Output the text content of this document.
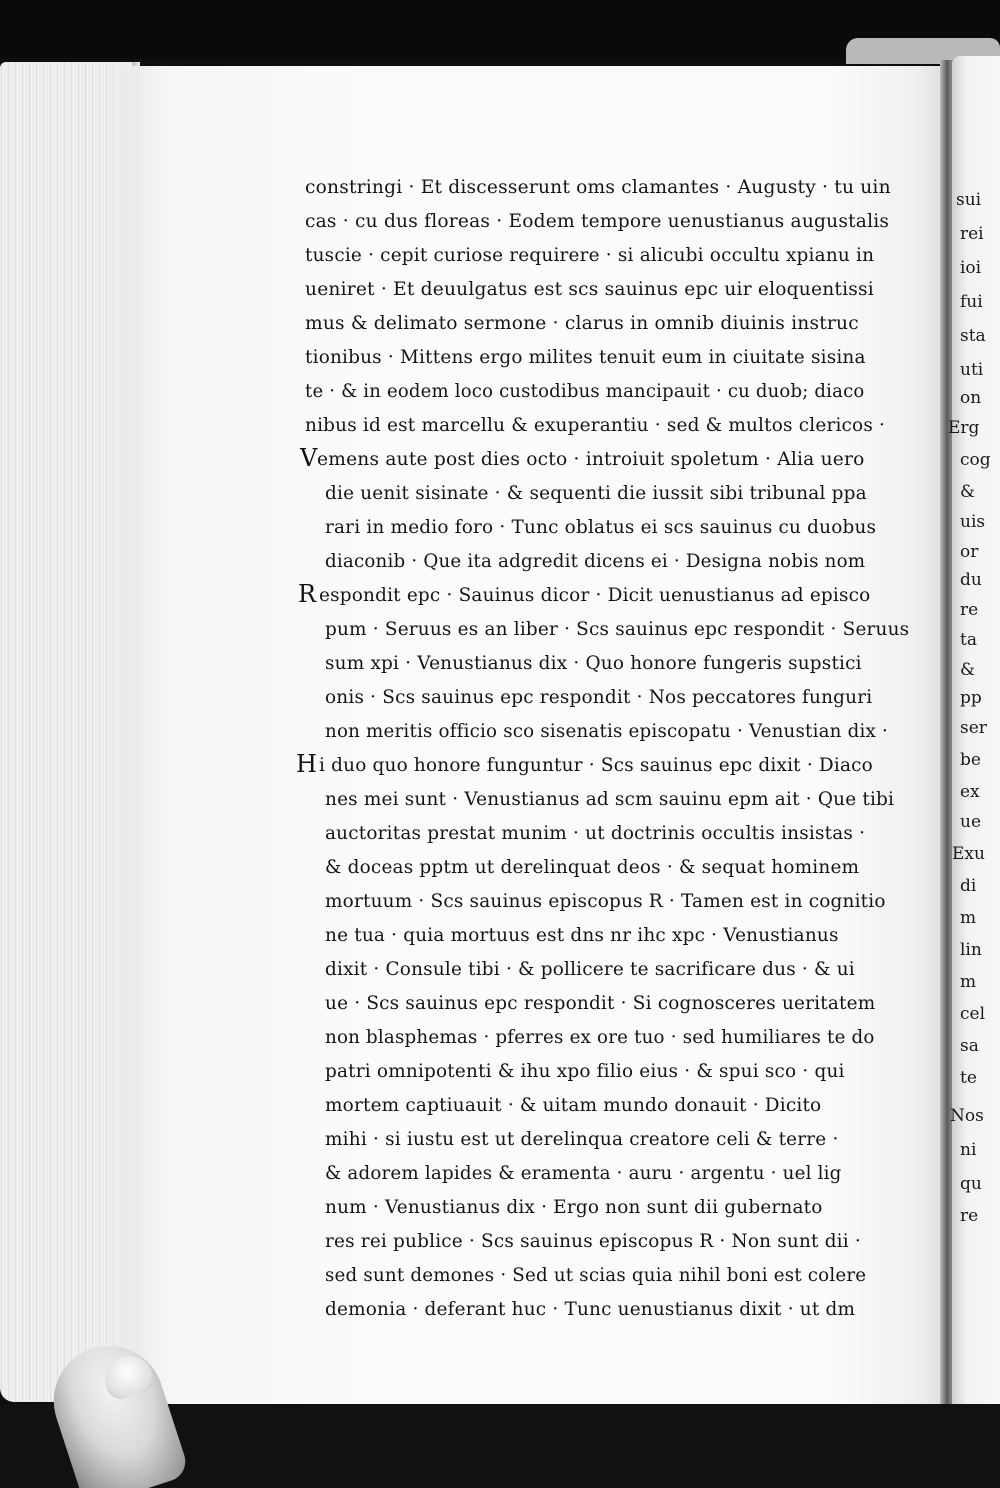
constringi · Et discesserunt oms clamantes · Augusty · tu uin
cas · cu dus floreas · Eodem tempore uenustianus augustalis
tuscie · cepit curiose requirere · si alicubi occultu xpianu in
ueniret · Et deuulgatus est scs sauinus epc uir eloquentissi
mus & delimato sermone · clarus in omnib diuinis instruc
tionibus · Mittens ergo milites tenuit eum in ciuitate sisina
te · & in eodem loco custodibus mancipauit · cu duob; diaco
nibus id est marcellu & exuperantiu · sed & multos clericos ·
emens aute post dies octo · introiuit spoletum · Alia uero
die uenit sisinate · & sequenti die iussit sibi tribunal ppa
rari in medio foro · Tunc oblatus ei scs sauinus cu duobus
diaconib · Que ita adgredit dicens ei · Designa nobis nom
espondit epc · Sauinus dicor · Dicit uenustianus ad episco
pum · Seruus es an liber · Scs sauinus epc respondit · Seruus
sum xpi · Venustianus dix · Quo honore fungeris supstici
onis · Scs sauinus epc respondit · Nos peccatores funguri
non meritis officio sco sisenatis episcopatu · Venustian dix ·
i duo quo honore funguntur · Scs sauinus epc dixit · Diaco
nes mei sunt · Venustianus ad scm sauinu epm ait · Que tibi
auctoritas prestat munim · ut doctrinis occultis insistas ·
& doceas pptm ut derelinquat deos · & sequat hominem
mortuum · Scs sauinus episcopus R · Tamen est in cognitio
ne tua · quia mortuus est dns nr ihc xpc · Venustianus
dixit · Consule tibi · & pollicere te sacrificare dus · & ui
ue · Scs sauinus epc respondit · Si cognosceres ueritatem
non blasphemas · pferres ex ore tuo · sed humiliares te do
patri omnipotenti & ihu xpo filio eius · & spui sco · qui
mortem captiuauit · & uitam mundo donauit · Dicito
mihi · si iustu est ut derelinqua creatore celi & terre ·
& adorem lapides & eramenta · auru · argentu · uel lig
num · Venustianus dix · Ergo non sunt dii gubernato
res rei publice · Scs sauinus episcopus R · Non sunt dii ·
sed sunt demones · Sed ut scias quia nihil boni est colere
demonia · deferant huc · Tunc uenustianus dixit · ut dm
V
R
H
sui
rei
ioi
fui
sta
uti
on
Erg
cog
&
uis
or
du
re
ta
&
pp
ser
be
ex
ue
Exu
di
m
lin
m
cel
sa
te
Nos
ni
qu
re
